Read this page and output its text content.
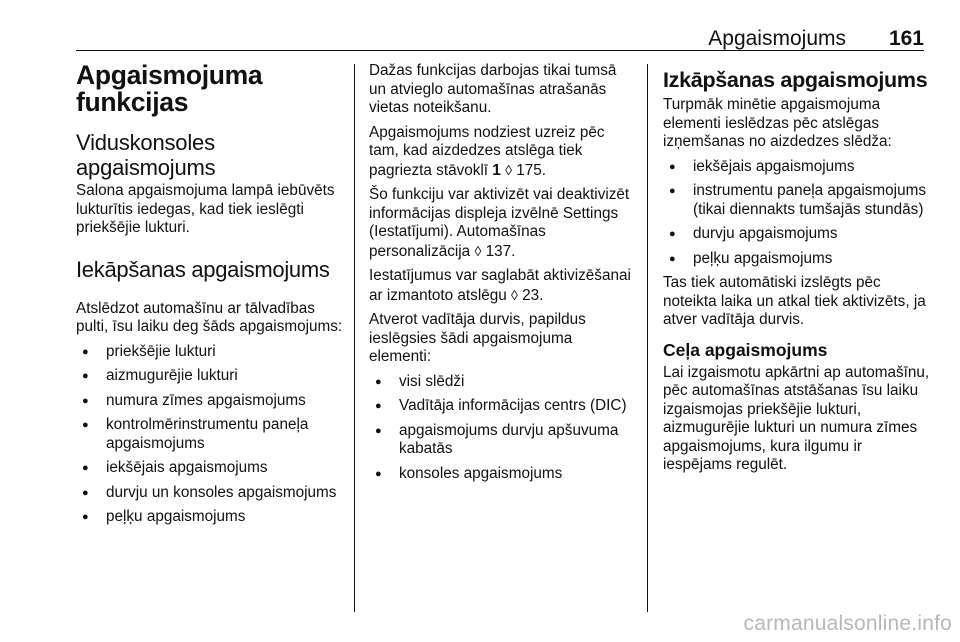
Apgaismojums 161
Apgaismojuma
funkcijas
Viduskonsoles
apgaismojums

Salona apgaismojuma lampā iebūvēts lukturītis iedegas, kad tiek ieslēgti priekšējie lukturi.

Iekāpšanas apgaismojums

Atslēdzot automašīnu ar tālvadības pulti, īsu laiku deg šāds apgaismojums:

● priekšējie lukturi
● aizmugurējie lukturi
● numura zīmes apgaismojums
● kontrolmērinstrumentu paneļa apgaismojums
● iekšējais apgaismojums
● durvju un konsoles apgaismojums
● peļķu apgaismojums

Dažas funkcijas darbojas tikai tumsā un atvieglo automašīnas atrašanās vietas noteikšanu.

Apgaismojums nodziest uzreiz pēc tam, kad aizdedzes atslēga tiek pagriezta stāvoklī 1 ◊ 175.

Šo funkciju var aktivizēt vai deaktivizēt informācijas displeja izvēlnē Settings (Iestatījumi). Automašīnas personalizācija ◊ 137.

Iestatījumus var saglabāt aktivizēšanai ar izmantoto atslēgu ◊ 23.

Atverot vadītāja durvis, papildus ieslēgsies šādi apgaismojuma elementi:

● visi slēdži
● Vadītāja informācijas centrs (DIC)
● apgaismojums durvju apšuvuma kabatās
● konsoles apgaismojums
Izkāpšanas apgaismojums

Turpmāk minētie apgaismojuma elementi ieslēdzas pēc atslēgas izņemšanas no aizdedzes slēdža:

● iekšējais apgaismojums
● instrumentu paneļa apgaismojums (tikai diennakts tumšajās stundās)
● durvju apgaismojums
● peļķu apgaismojums

Tas tiek automātiski izslēgts pēc noteikta laika un atkal tiek aktivizēts, ja atver vadītāja durvis.

Ceļa apgaismojums

Lai izgaismotu apkārtni ap automašīnu, pēc automašīnas atstāšanas īsu laiku izgaismojas priekšējie lukturi, aizmugurējie lukturi un numura zīmes apgaismojums, kura ilgumu ir iespējams regulēt.

carmanualsonline.info
